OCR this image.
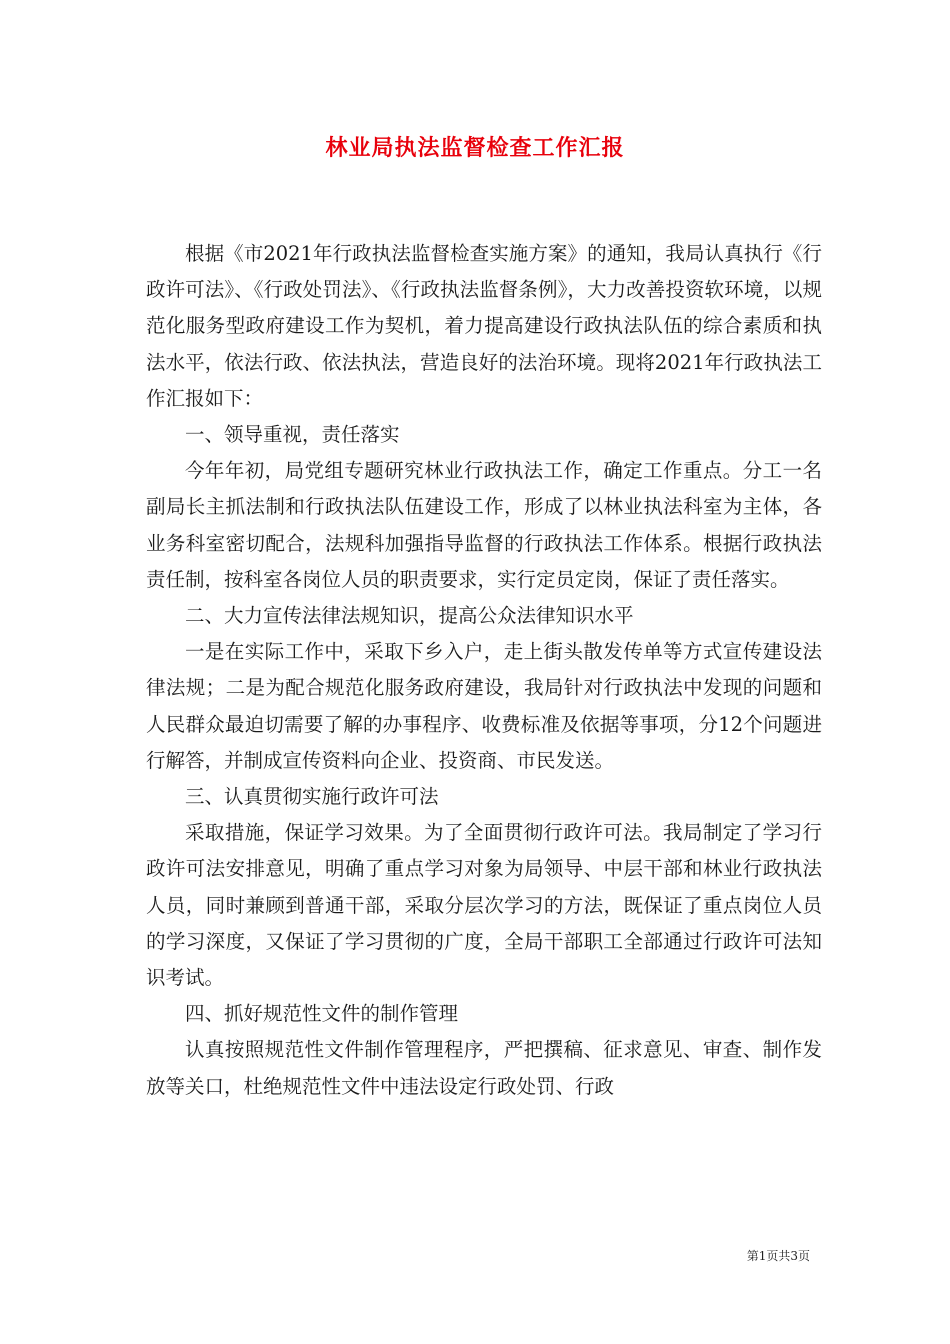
林业局执法监督检查工作汇报

根据《市2021年行政执法监督检查实施方案》的通知，我局认真执行《行政许可法》、《行政处罚法》、《行政执法监督条例》，大力改善投资软环境，以规范化服务型政府建设工作为契机，着力提高建设行政执法队伍的综合素质和执法水平，依法行政、依法执法，营造良好的法治环境。现将2021年行政执法工作汇报如下：

一、领导重视，责任落实

今年年初，局党组专题研究林业行政执法工作，确定工作重点。分工一名副局长主抓法制和行政执法队伍建设工作，形成了以林业执法科室为主体，各业务科室密切配合，法规科加强指导监督的行政执法工作体系。根据行政执法责任制，按科室各岗位人员的职责要求，实行定员定岗，保证了责任落实。

二、大力宣传法律法规知识，提高公众法律知识水平

一是在实际工作中，采取下乡入户，走上街头散发传单等方式宣传建设法律法规；二是为配合规范化服务政府建设，我局针对行政执法中发现的问题和人民群众最迫切需要了解的办事程序、收费标准及依据等事项，分12个问题进行解答，并制成宣传资料向企业、投资商、市民发送。

三、认真贯彻实施行政许可法

采取措施，保证学习效果。为了全面贯彻行政许可法。我局制定了学习行政许可法安排意见，明确了重点学习对象为局领导、中层干部和林业行政执法人员，同时兼顾到普通干部，采取分层次学习的方法，既保证了重点岗位人员的学习深度，又保证了学习贯彻的广度，全局干部职工全部通过行政许可法知识考试。

四、抓好规范性文件的制作管理

认真按照规范性文件制作管理程序，严把撰稿、征求意见、审查、制作发放等关口，杜绝规范性文件中违法设定行政处罚、行政

第1页共3页
